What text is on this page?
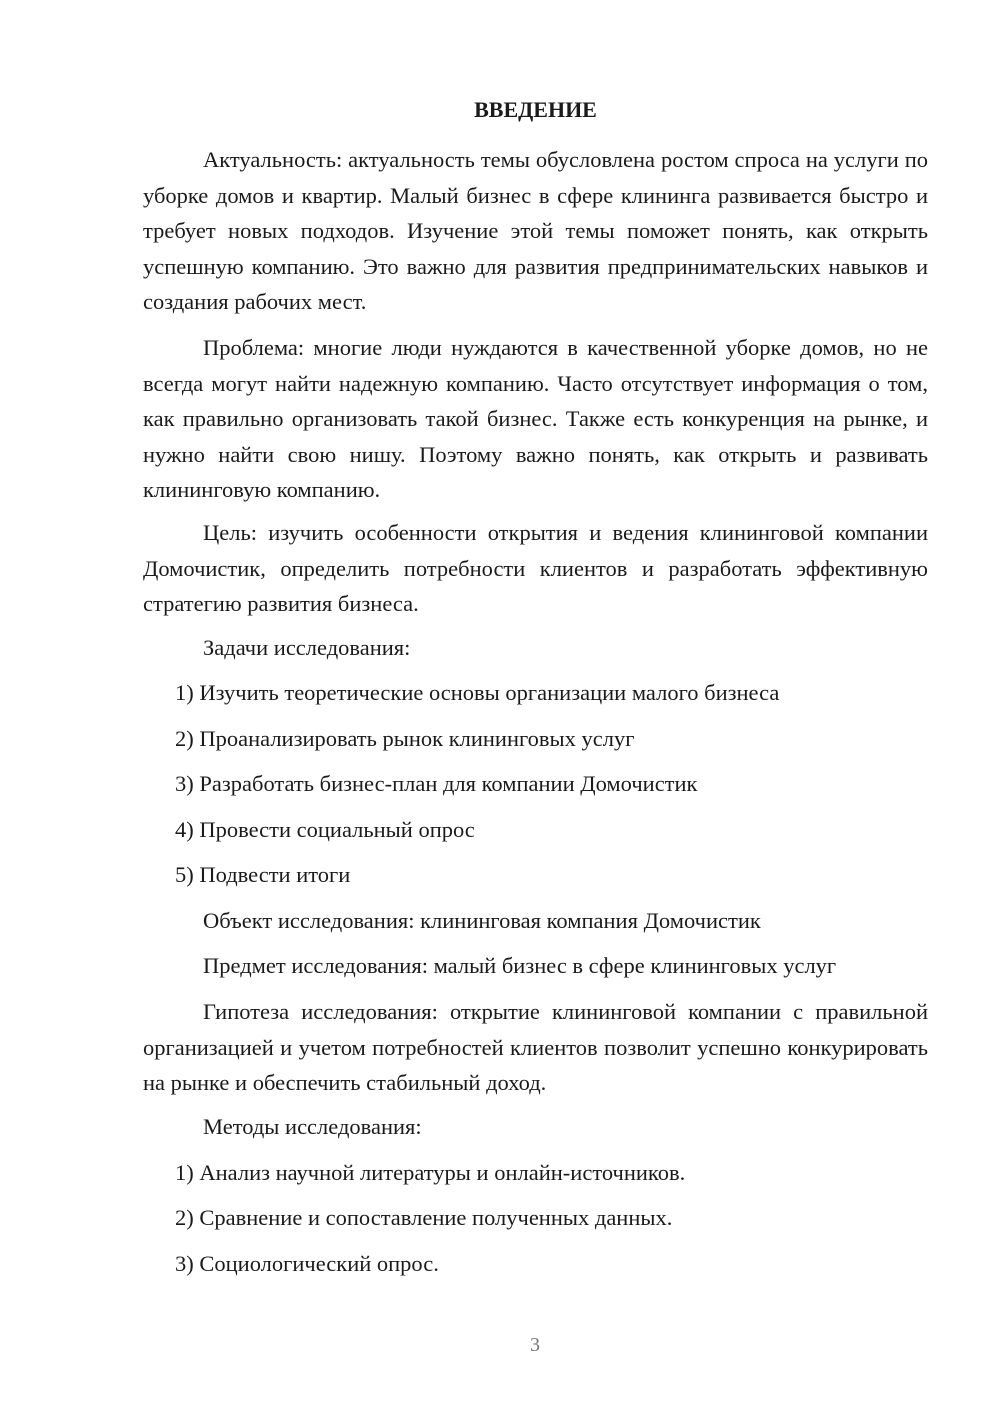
ВВЕДЕНИЕ

Актуальность: актуальность темы обусловлена ростом спроса на услуги по уборке домов и квартир. Малый бизнес в сфере клининга развивается быстро и требует новых подходов. Изучение этой темы поможет понять, как открыть успешную компанию. Это важно для развития предпринимательских навыков и создания рабочих мест.

Проблема: многие люди нуждаются в качественной уборке домов, но не всегда могут найти надежную компанию. Часто отсутствует информация о том, как правильно организовать такой бизнес. Также есть конкуренция на рынке, и нужно найти свою нишу. Поэтому важно понять, как открыть и развивать клининговую компанию.

Цель: изучить особенности открытия и ведения клининговой компании Домочистик, определить потребности клиентов и разработать эффективную стратегию развития бизнеса.

Задачи исследования:

1) Изучить теоретические основы организации малого бизнеса

2) Проанализировать рынок клининговых услуг

3) Разработать бизнес-план для компании Домочистик

4) Провести социальный опрос

5) Подвести итоги

Объект исследования: клининговая компания Домочистик

Предмет исследования: малый бизнес в сфере клининговых услуг

Гипотеза исследования: открытие клининговой компании с правильной организацией и учетом потребностей клиентов позволит успешно конкурировать на рынке и обеспечить стабильный доход.

Методы исследования:

1) Анализ научной литературы и онлайн-источников.

2) Сравнение и сопоставление полученных данных.

3) Социологический опрос.

3
